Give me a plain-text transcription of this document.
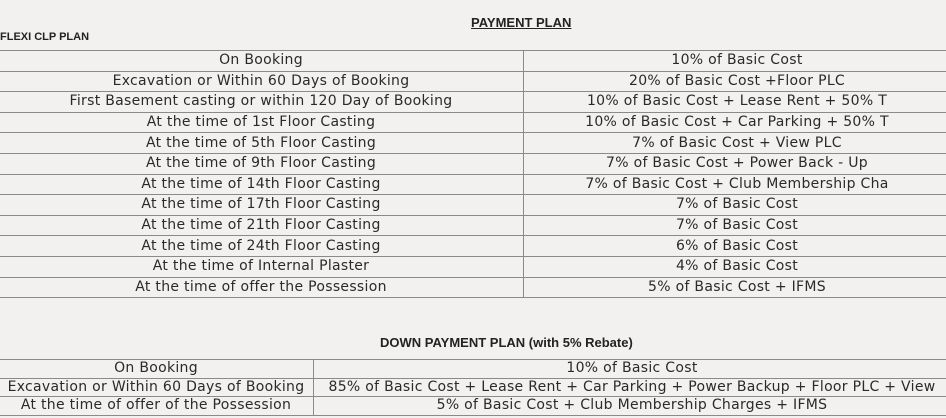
PAYMENT PLAN
FLEXI CLP PLAN
On Booking	10% of Basic Cost
Excavation or Within 60 Days of Booking	20% of Basic Cost +Floor PLC
First Basement casting or within 120 Day of Booking	10% of Basic Cost + Lease Rent + 50% T
At the time of 1st Floor Casting	10% of Basic Cost + Car Parking + 50% T
At the time of 5th Floor Casting	7% of Basic Cost + View PLC
At the time of 9th Floor Casting	7% of Basic Cost + Power Back - Up
At the time of 14th Floor Casting	7% of Basic Cost + Club Membership Cha
At the time of 17th Floor Casting	7% of Basic Cost
At the time of 21th Floor Casting	7% of Basic Cost
At the time of 24th Floor Casting	6% of Basic Cost
At the time of Internal Plaster	4% of Basic Cost
At the time of offer the Possession	5% of Basic Cost + IFMS
DOWN PAYMENT PLAN (with 5% Rebate)
On Booking	10% of Basic Cost
Excavation or Within 60 Days of Booking	85% of Basic Cost + Lease Rent + Car Parking + Power Backup + Floor PLC + View
At the time of offer of the Possession	5% of Basic Cost + Club Membership Charges + IFMS
